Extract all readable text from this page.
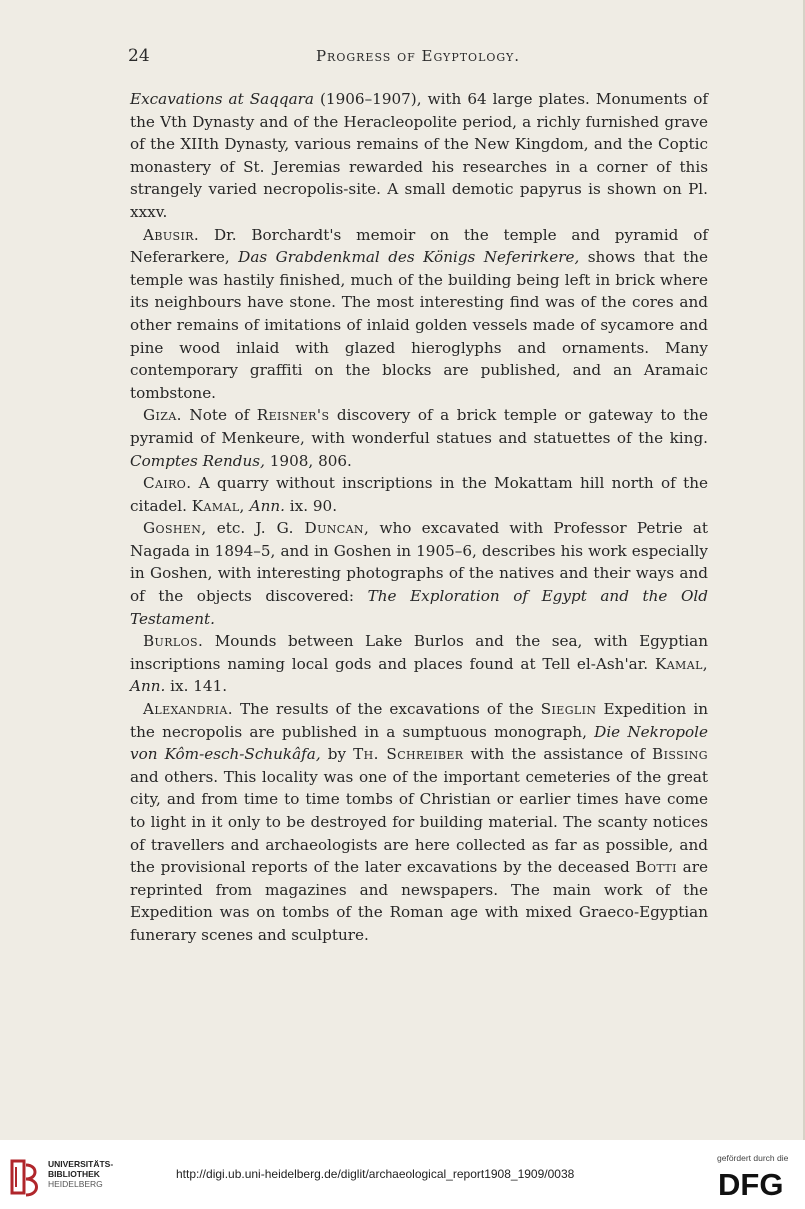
24	Progress of Egyptology.

Excavations at Saqqara (1906–1907), with 64 large plates. Monuments of the Vth Dynasty and of the Heracleopolite period, a richly furnished grave of the XIIth Dynasty, various remains of the New Kingdom, and the Coptic monastery of St. Jeremias rewarded his researches in a corner of this strangely varied necropolis-site. A small demotic papyrus is shown on Pl. xxxv.

Abusir. Dr. Borchardt's memoir on the temple and pyramid of Neferarkere, Das Grabdenkmal des Königs Neferirkere, shows that the temple was hastily finished, much of the building being left in brick where its neighbours have stone. The most interesting find was of the cores and other remains of imitations of inlaid golden vessels made of sycamore and pine wood inlaid with glazed hieroglyphs and ornaments. Many contemporary graffiti on the blocks are published, and an Aramaic tombstone.

Giza. Note of Reisner's discovery of a brick temple or gateway to the pyramid of Menkeure, with wonderful statues and statuettes of the king. Comptes Rendus, 1908, 806.

Cairo. A quarry without inscriptions in the Mokattam hill north of the citadel. Kamal, Ann. ix. 90.

Goshen, etc. J. G. Duncan, who excavated with Professor Petrie at Nagada in 1894–5, and in Goshen in 1905–6, describes his work especially in Goshen, with interesting photographs of the natives and their ways and of the objects discovered: The Exploration of Egypt and the Old Testament.

Burlos. Mounds between Lake Burlos and the sea, with Egyptian inscriptions naming local gods and places found at Tell el-Ash'ar. Kamal, Ann. ix. 141.

Alexandria. The results of the excavations of the Sieglin Expedition in the necropolis are published in a sumptuous monograph, Die Nekropole von Kôm-esch-Schukâfa, by Th. Schreiber with the assistance of Bissing and others. This locality was one of the important cemeteries of the great city, and from time to time tombs of Christian or earlier times have come to light in it only to be destroyed for building material. The scanty notices of travellers and archaeologists are here collected as far as possible, and the provisional reports of the later excavations by the deceased Botti are reprinted from magazines and newspapers. The main work of the Expedition was on tombs of the Roman age with mixed Graeco-Egyptian funerary scenes and sculpture.

UNIVERSITÄTS-
BIBLIOTHEK
HEIDELBERG
http://digi.ub.uni-heidelberg.de/diglit/archaeological_report1908_1909/0038
gefördert durch die
DFG
